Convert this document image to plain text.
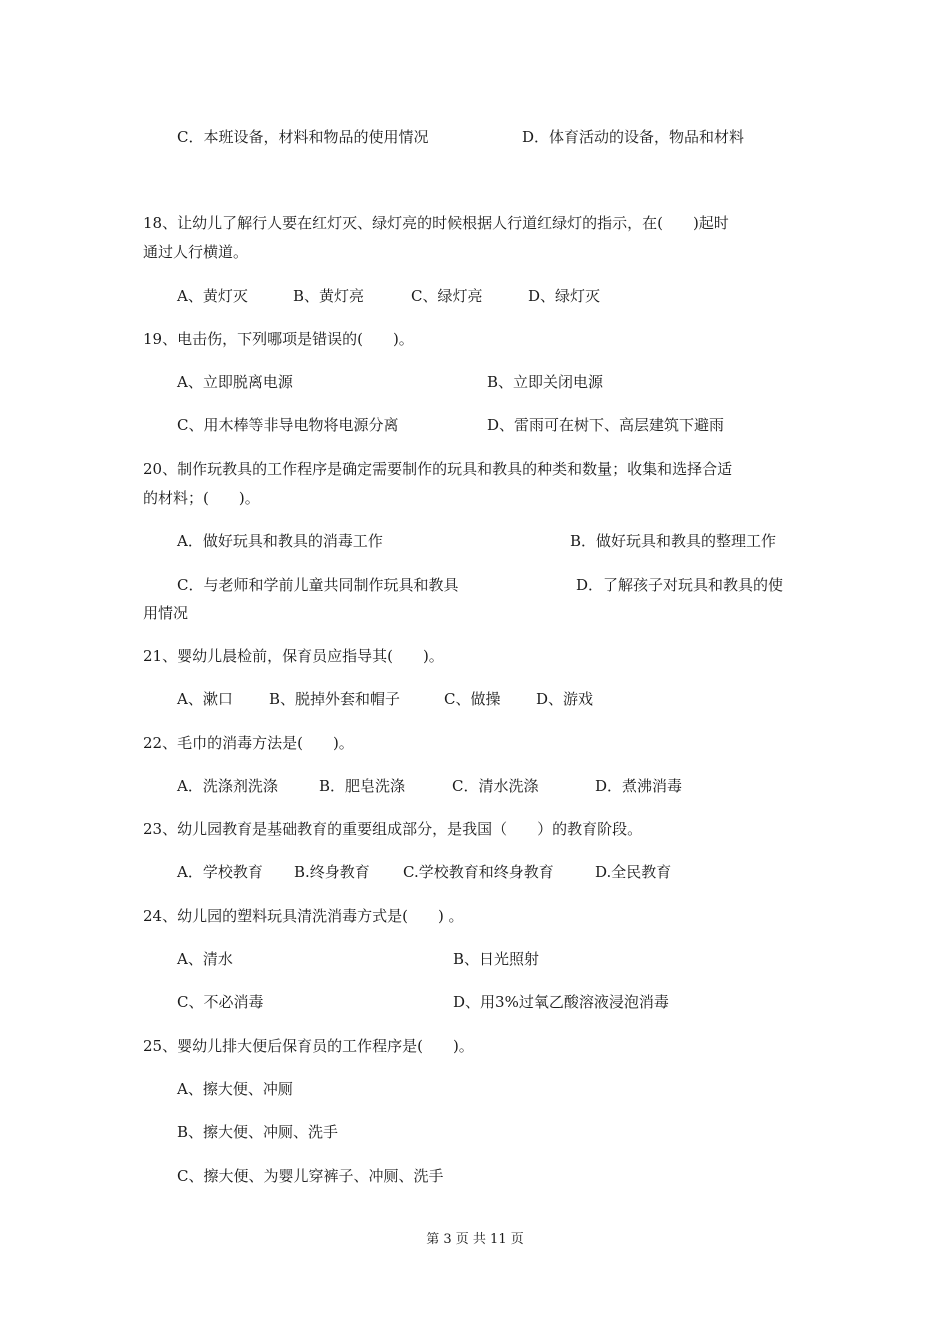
C．本班设备，材料和物品的使用情况	D．体育活动的设备，物品和材料

18、让幼儿了解行人要在红灯灭、绿灯亮的时候根据人行道红绿灯的指示，在(　　)起时

通过人行横道。

A、黄灯灭	B、黄灯亮	C、绿灯亮	D、绿灯灭

19、电击伤，下列哪项是错误的(　　)。

A、立即脱离电源	B、立即关闭电源
C、用木棒等非导电物将电源分离	D、雷雨可在树下、高层建筑下避雨

20、制作玩教具的工作程序是确定需要制作的玩具和教具的种类和数量；收集和选择合适

的材料；(　　)。

A．做好玩具和教具的消毒工作	B．做好玩具和教具的整理工作
C．与老师和学前儿童共同制作玩具和教具	D．了解孩子对玩具和教具的使

用情况

21、婴幼儿晨检前，保育员应指导其(　　)。

A、漱口 B、脱掉外套和帽子	C、做操 D、游戏

22、毛巾的消毒方法是(　　)。

A．洗涤剂洗涤	B．肥皂洗涤	C．清水洗涤	D．煮沸消毒

23、幼儿园教育是基础教育的重要组成部分，是我国（　　）的教育阶段。

A．学校教育 B.终身教育 C.学校教育和终身教育	D.全民教育

24、幼儿园的塑料玩具清洗消毒方式是(　　) 。

A、清水	B、日光照射
C、不必消毒	D、用3%过氧乙酸溶液浸泡消毒

25、婴幼儿排大便后保育员的工作程序是(　　)。

A、擦大便、冲厕
B、擦大便、冲厕、洗手
C、擦大便、为婴儿穿裤子、冲厕、洗手
第 3 页 共 11 页
